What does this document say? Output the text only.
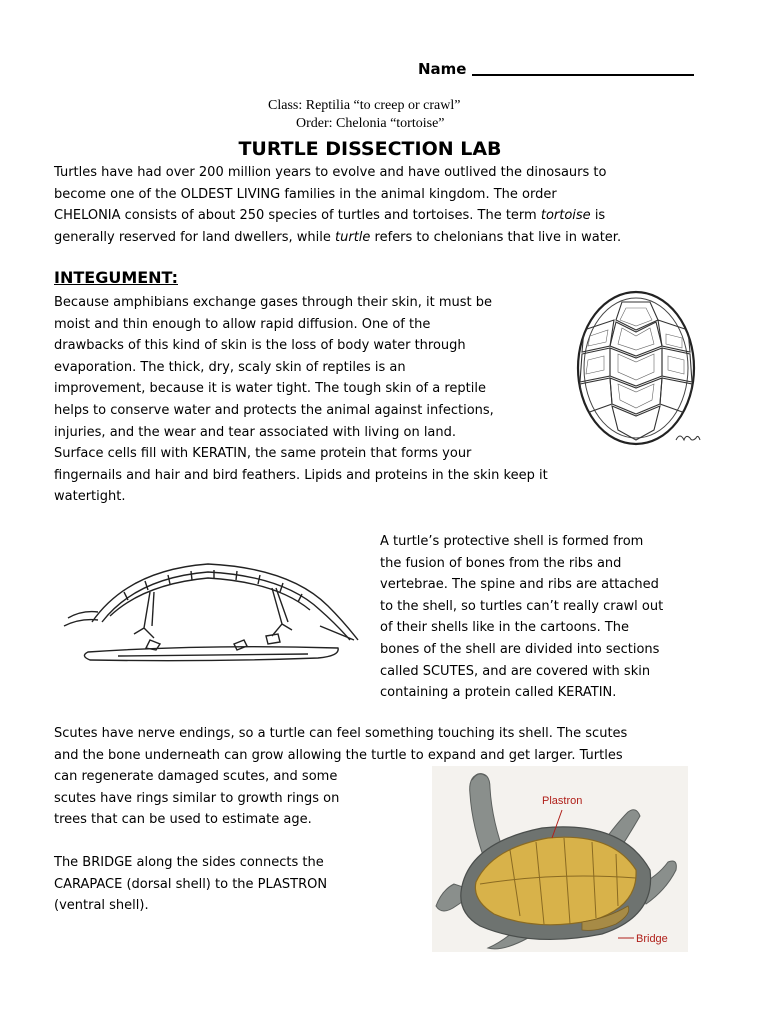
Name
Class: Reptilia “to creep or crawl”
Order: Chelonia “tortoise”
TURTLE DISSECTION LAB
Turtles have had over 200 million years to evolve and have outlived the dinosaurs to
become one of the OLDEST LIVING families in the animal kingdom. The order
CHELONIA consists of about 250 species of turtles and tortoises. The term tortoise is
generally reserved for land dwellers, while turtle refers to chelonians that live in water.
INTEGUMENT:
Because amphibians exchange gases through their skin, it must be
moist and thin enough to allow rapid diffusion. One of the
drawbacks of this kind of skin is the loss of body water through
evaporation. The thick, dry, scaly skin of reptiles is an
improvement, because it is water tight. The tough skin of a reptile
helps to conserve water and protects the animal against infections,
injuries, and the wear and tear associated with living on land.
Surface cells fill with KERATIN, the same protein that forms your
fingernails and hair and bird feathers. Lipids and proteins in the skin keep it
watertight.
A turtle’s protective shell is formed from
the fusion of bones from the ribs and
vertebrae. The spine and ribs are attached
to the shell, so turtles can’t really crawl out
of their shells like in the cartoons. The
bones of the shell are divided into sections
called SCUTES, and are covered with skin
containing a protein called KERATIN.
Scutes have nerve endings, so a turtle can feel something touching its shell. The scutes
and the bone underneath can grow allowing the turtle to expand and get larger. Turtles
can regenerate damaged scutes, and some
scutes have rings similar to growth rings on
trees that can be used to estimate age.
The BRIDGE along the sides connects the
CARAPACE (dorsal shell) to the PLASTRON
(ventral shell).
Plastron
Bridge
